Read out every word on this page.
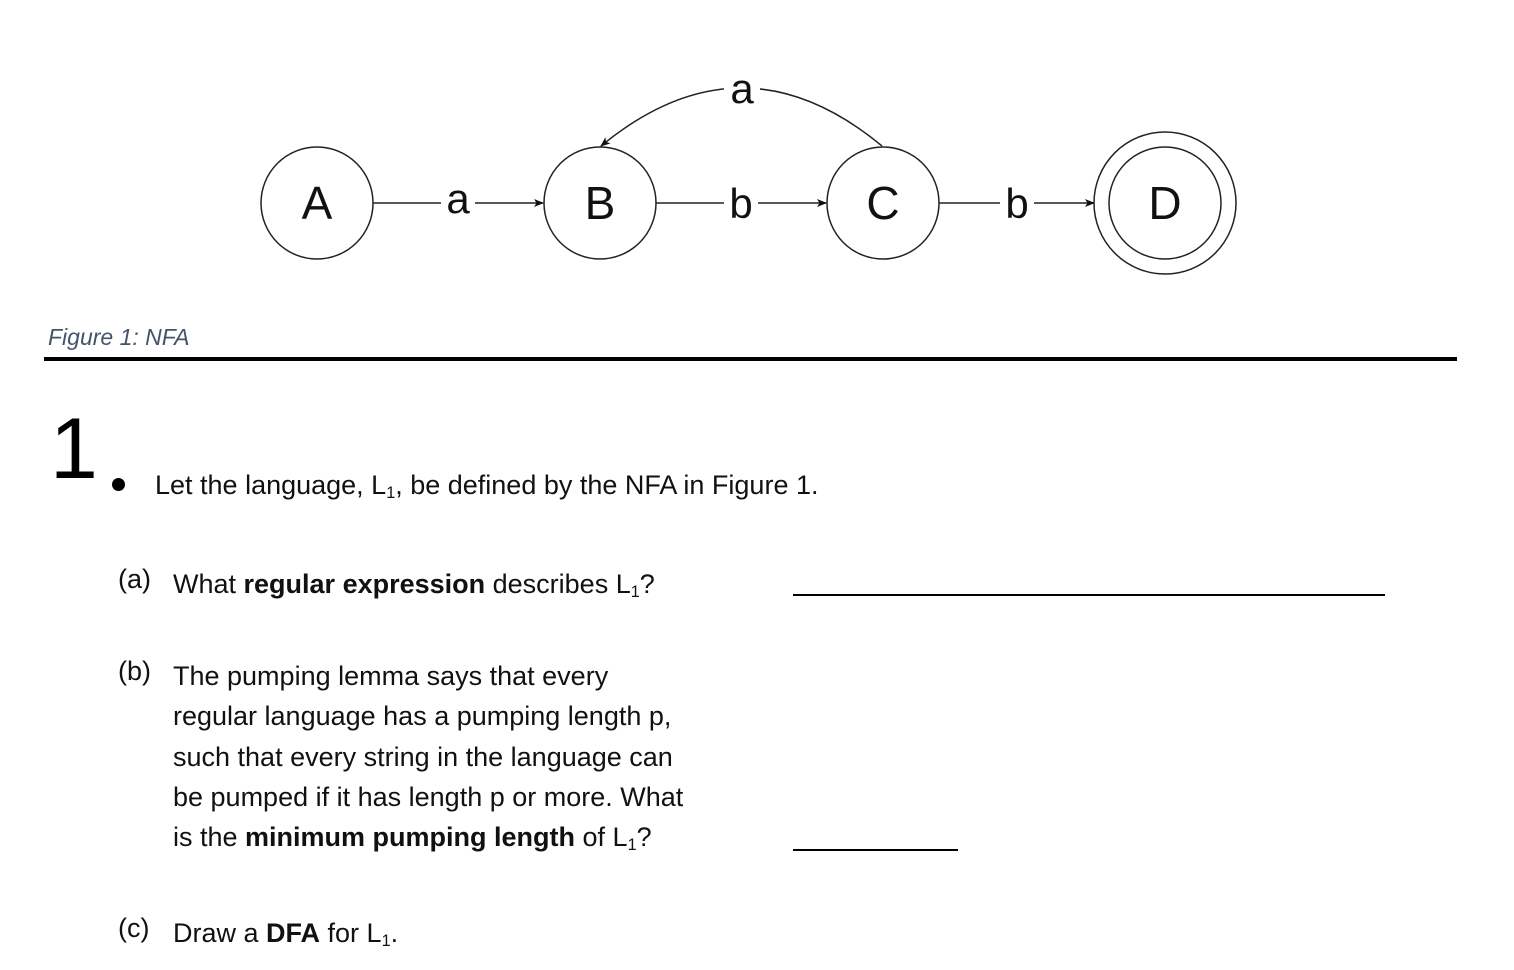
A	B	C	D
a	b	b
a
Figure 1: NFA
1 Let the language, $L_1$, be defined by the NFA in Figure 1.
(a) What regular expression describes $L_1$?
(b) The pumping lemma says that every
regular language has a pumping length p,
such that every string in the language can
be pumped if it has length p or more. What
is the minimum pumping length of $L_1$?
(c) Draw a DFA for $L_1$.
